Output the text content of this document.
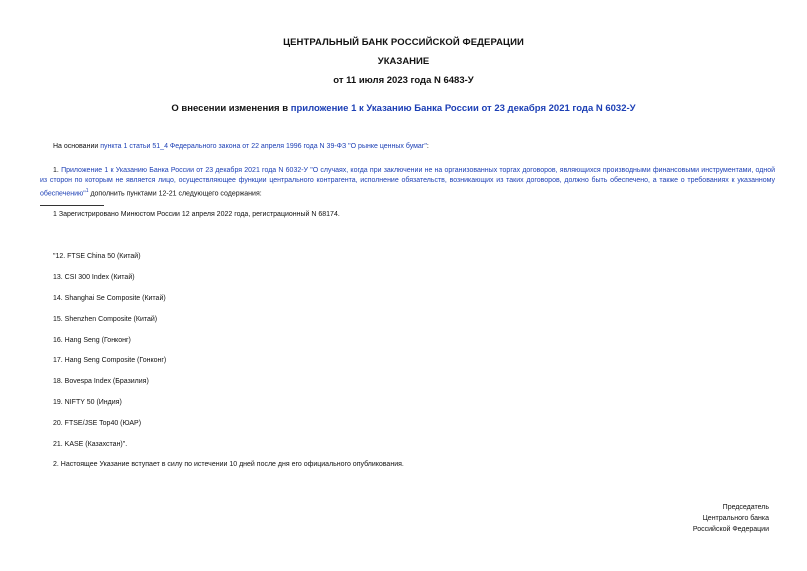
ЦЕНТРАЛЬНЫЙ БАНК РОССИЙСКОЙ ФЕДЕРАЦИИ
УКАЗАНИЕ
от 11 июля 2023 года N 6483-У
О внесении изменения в приложение 1 к Указанию Банка России от 23 декабря 2021 года N 6032-У
На основании пункта 1 статьи 51_4 Федерального закона от 22 апреля 1996 года N 39-ФЗ "О рынке ценных бумаг":
1. Приложение 1 к Указанию Банка России от 23 декабря 2021 года N 6032-У "О случаях, когда при заключении не на организованных торгах договоров, являющихся производными финансовыми инструментами, одной из сторон по которым не является лицо, осуществляющее функции центрального контрагента, исполнение обязательств, возникающих из таких договоров, должно быть обеспечено, а также о требованиях к указанному обеспечению"$^1$ дополнить пунктами 12-21 следующего содержания:
1 Зарегистрировано Минюстом России 12 апреля 2022 года, регистрационный N 68174.
"12. FTSE China 50 (Китай)
13. CSI 300 Index (Китай)
14. Shanghai Se Composite (Китай)
15. Shenzhen Composite (Китай)
16. Hang Seng (Гонконг)
17. Hang Seng Composite (Гонконг)
18. Bovespa Index (Бразилия)
19. NIFTY 50 (Индия)
20. FTSE/JSE Top40 (ЮАР)
21. KASE (Казахстан)".
2. Настоящее Указание вступает в силу по истечении 10 дней после дня его официального опубликования.
Председатель
Центрального банка
Российской Федерации
